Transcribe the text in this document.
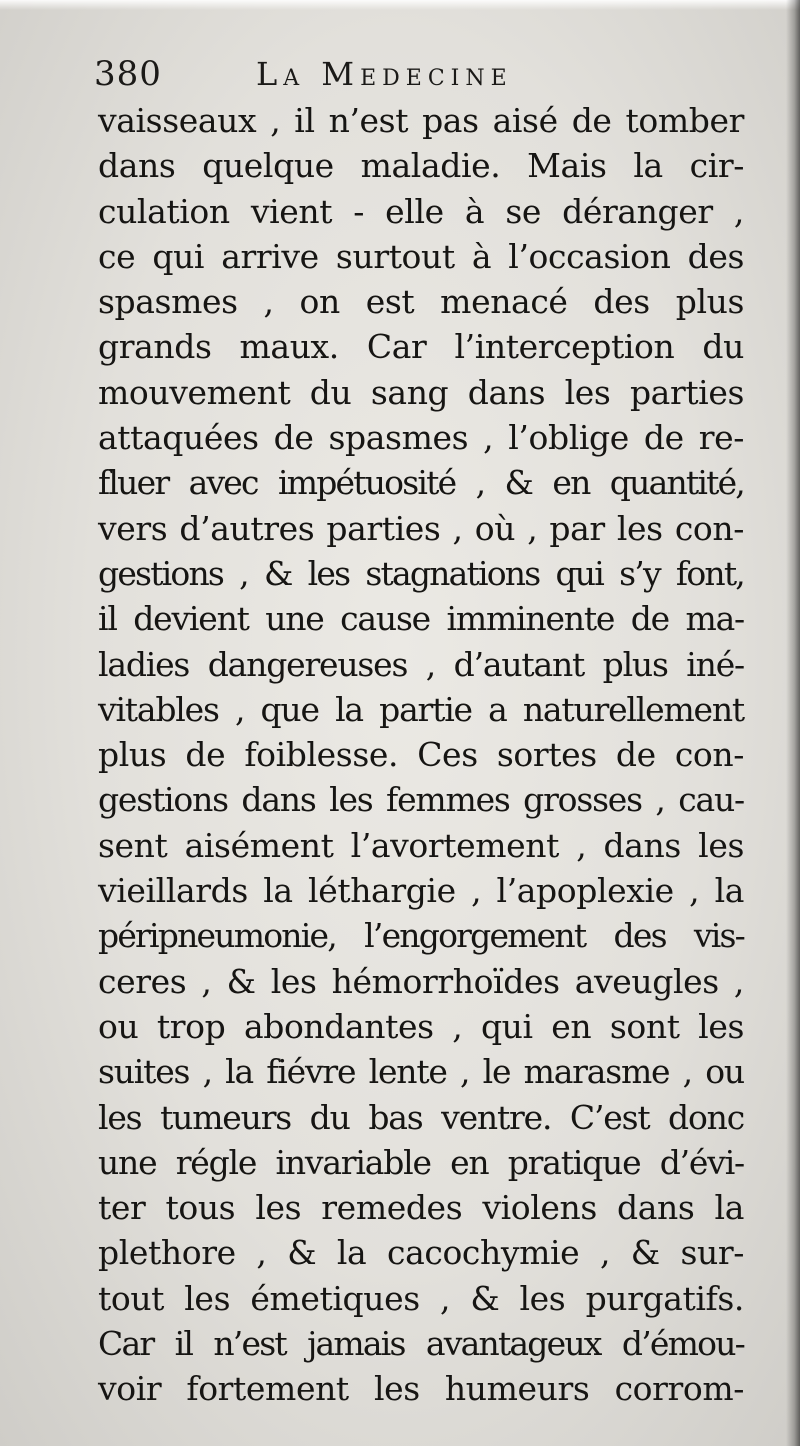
380	La Medecine
vaisseaux , il n’est pas aisé de tomber
dans quelque maladie. Mais la cir-
culation vient - elle à se déranger ,
ce qui arrive surtout à l’occasion des
spasmes , on est menacé des plus
grands maux. Car l’interception du
mouvement du sang dans les parties
attaquées de spasmes , l’oblige de re-
fluer avec impétuosité , & en quantité,
vers d’autres parties , où , par les con-
gestions , & les stagnations qui s’y font,
il devient une cause imminente de ma-
ladies dangereuses , d’autant plus iné-
vitables , que la partie a naturellement
plus de foiblesse. Ces sortes de con-
gestions dans les femmes grosses , cau-
sent aisément l’avortement , dans les
vieillards la léthargie , l’apoplexie , la
péripneumonie, l’engorgement des vis-
ceres , & les hémorrhoïdes aveugles ,
ou trop abondantes , qui en sont les
suites , la fiévre lente , le marasme , ou
les tumeurs du bas ventre. C’est donc
une régle invariable en pratique d’évi-
ter tous les remedes violens dans la
plethore , & la cacochymie , & sur-
tout les émetiques , & les purgatifs.
Car il n’est jamais avantageux d’émou-
voir fortement les humeurs corrom-
